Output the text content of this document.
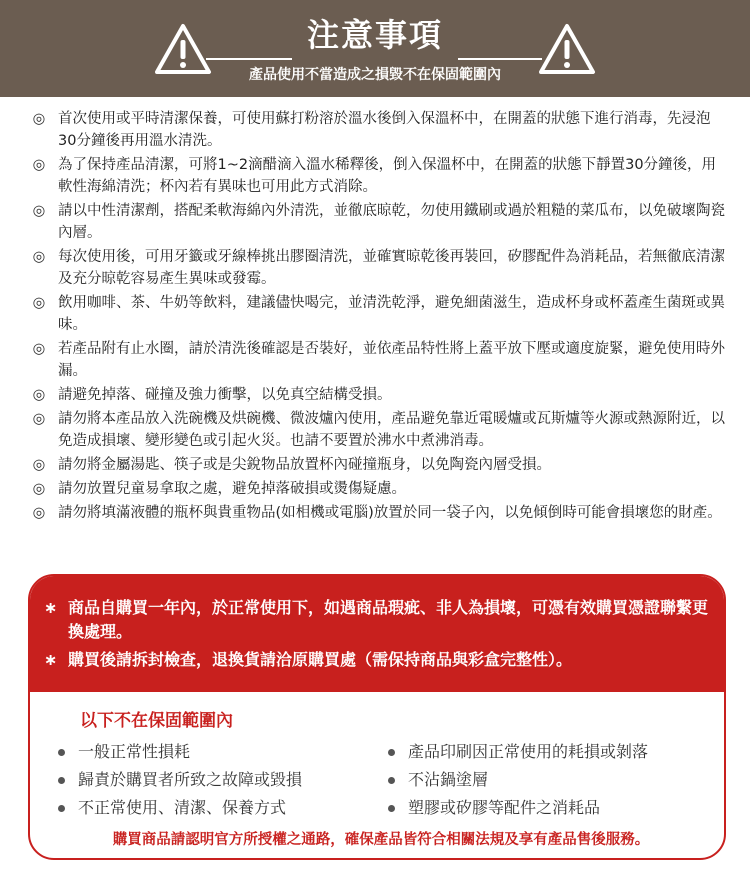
注意事項
產品使用不當造成之損毀不在保固範圍內
◎ 首次使用或平時清潔保養，可使用蘇打粉溶於溫水後倒入保溫杯中，在開蓋的狀態下進行消毒，先浸泡30分鐘後再用溫水清洗。
◎ 為了保持產品清潔，可將1~2滴醋滴入溫水稀釋後，倒入保溫杯中，在開蓋的狀態下靜置30分鐘後，用軟性海綿清洗；杯內若有異味也可用此方式消除。
◎ 請以中性清潔劑，搭配柔軟海綿內外清洗，並徹底晾乾，勿使用鐵刷或過於粗糙的菜瓜布，以免破壞陶瓷內層。
◎ 每次使用後，可用牙籤或牙線棒挑出膠圈清洗，並確實晾乾後再裝回，矽膠配件為消耗品，若無徹底清潔及充分晾乾容易產生異味或發霉。
◎ 飲用咖啡、茶、牛奶等飲料，建議儘快喝完，並清洗乾淨，避免細菌滋生，造成杯身或杯蓋產生菌斑或異味。
◎ 若產品附有止水圈，請於清洗後確認是否裝好，並依產品特性將上蓋平放下壓或適度旋緊，避免使用時外漏。
◎ 請避免掉落、碰撞及強力衝擊，以免真空結構受損。
◎ 請勿將本產品放入洗碗機及烘碗機、微波爐內使用，產品避免靠近電暖爐或瓦斯爐等火源或熱源附近，以免造成損壞、變形變色或引起火災。也請不要置於沸水中煮沸消毒。
◎ 請勿將金屬湯匙、筷子或是尖銳物品放置杯內碰撞瓶身，以免陶瓷內層受損。
◎ 請勿放置兒童易拿取之處，避免掉落破損或燙傷疑慮。
◎ 請勿將填滿液體的瓶杯與貴重物品(如相機或電腦)放置於同一袋子內，以免傾倒時可能會損壞您的財產。
∗ 商品自購買一年內，於正常使用下，如遇商品瑕疵、非人為損壞，可憑有效購買憑證聯繫更換處理。
∗ 購買後請拆封檢查，退換貨請洽原購買處（需保持商品與彩盒完整性）。
以下不在保固範圍內
一般正常性損耗
歸責於購買者所致之故障或毀損
不正常使用、清潔、保養方式
產品印刷因正常使用的耗損或剝落
不沾鍋塗層
塑膠或矽膠等配件之消耗品
購買商品請認明官方所授權之通路，確保產品皆符合相關法規及享有產品售後服務。
